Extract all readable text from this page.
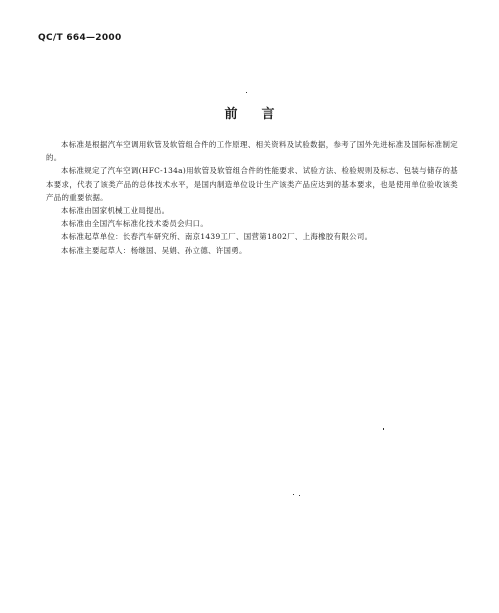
QC/T 664—2000
前言

本标准是根据汽车空调用软管及软管组合件的工作原理、相关资料及试验数据，参考了国外先进标准及国际标准制定的。

本标准规定了汽车空调(HFC-134a)用软管及软管组合件的性能要求、试验方法、检验规则及标志、包装与储存的基本要求，代表了该类产品的总体技术水平，是国内制造单位设计生产该类产品应达到的基本要求，也是使用单位验收该类产品的重要依据。

本标准由国家机械工业局提出。

本标准由全国汽车标准化技术委员会归口。

本标准起草单位：长春汽车研究所、南京1439工厂、国营第1802厂、上海橡胶有限公司。

本标准主要起草人：杨继国、吴娟、孙立德、许国勇。
